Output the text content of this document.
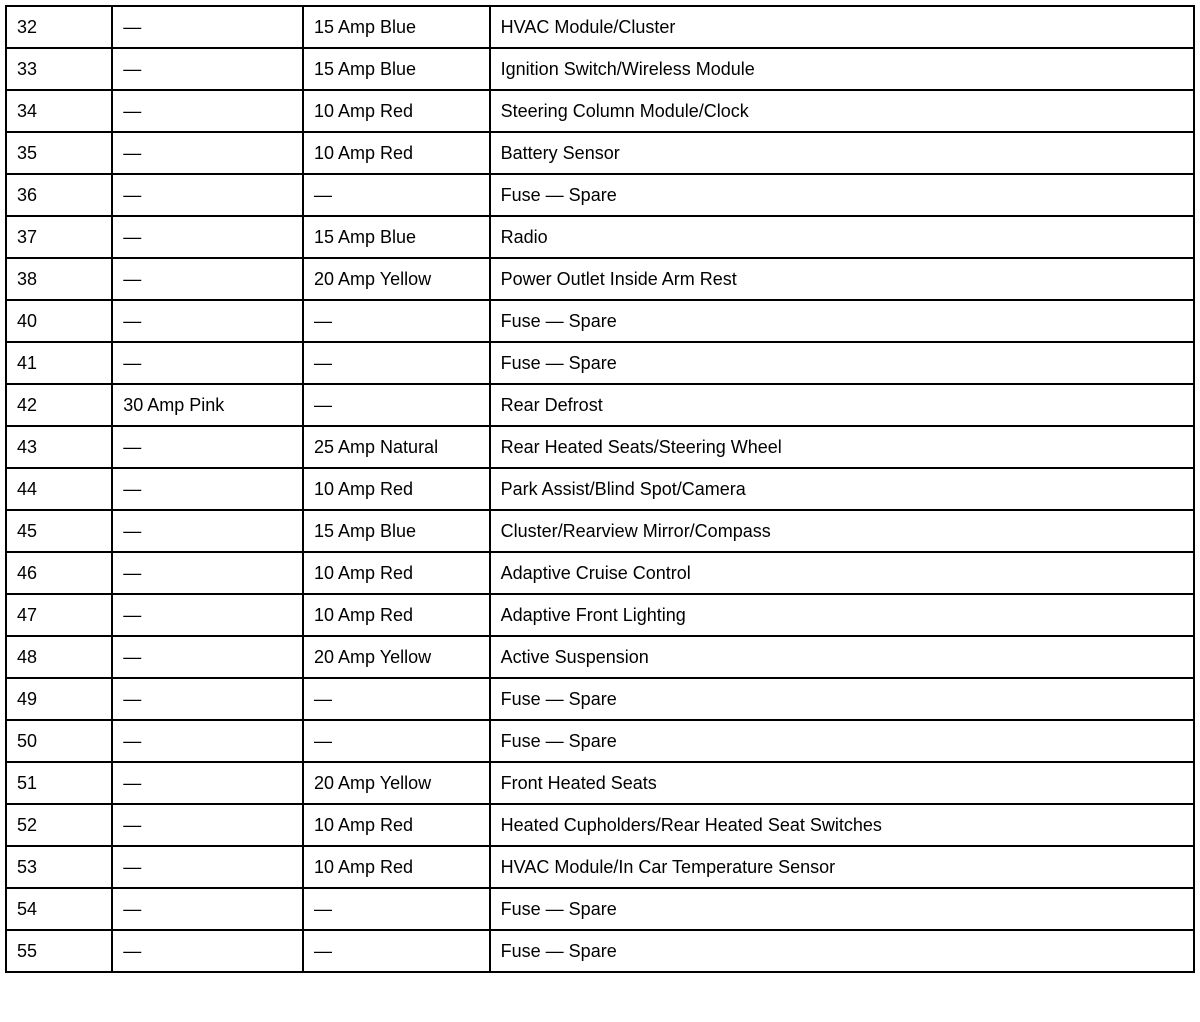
32	—	15 Amp Blue	HVAC Module/Cluster
33	—	15 Amp Blue	Ignition Switch/Wireless Module
34	—	10 Amp Red	Steering Column Module/Clock
35	—	10 Amp Red	Battery Sensor
36	—	—	Fuse — Spare
37	—	15 Amp Blue	Radio
38	—	20 Amp Yellow	Power Outlet Inside Arm Rest
40	—	—	Fuse — Spare
41	—	—	Fuse — Spare
42	30 Amp Pink	—	Rear Defrost
43	—	25 Amp Natural	Rear Heated Seats/Steering Wheel
44	—	10 Amp Red	Park Assist/Blind Spot/Camera
45	—	15 Amp Blue	Cluster/Rearview Mirror/Compass
46	—	10 Amp Red	Adaptive Cruise Control
47	—	10 Amp Red	Adaptive Front Lighting
48	—	20 Amp Yellow	Active Suspension
49	—	—	Fuse — Spare
50	—	—	Fuse — Spare
51	—	20 Amp Yellow	Front Heated Seats
52	—	10 Amp Red	Heated Cupholders/Rear Heated Seat Switches
53	—	10 Amp Red	HVAC Module/In Car Temperature Sensor
54	—	—	Fuse — Spare
55	—	—	Fuse — Spare
